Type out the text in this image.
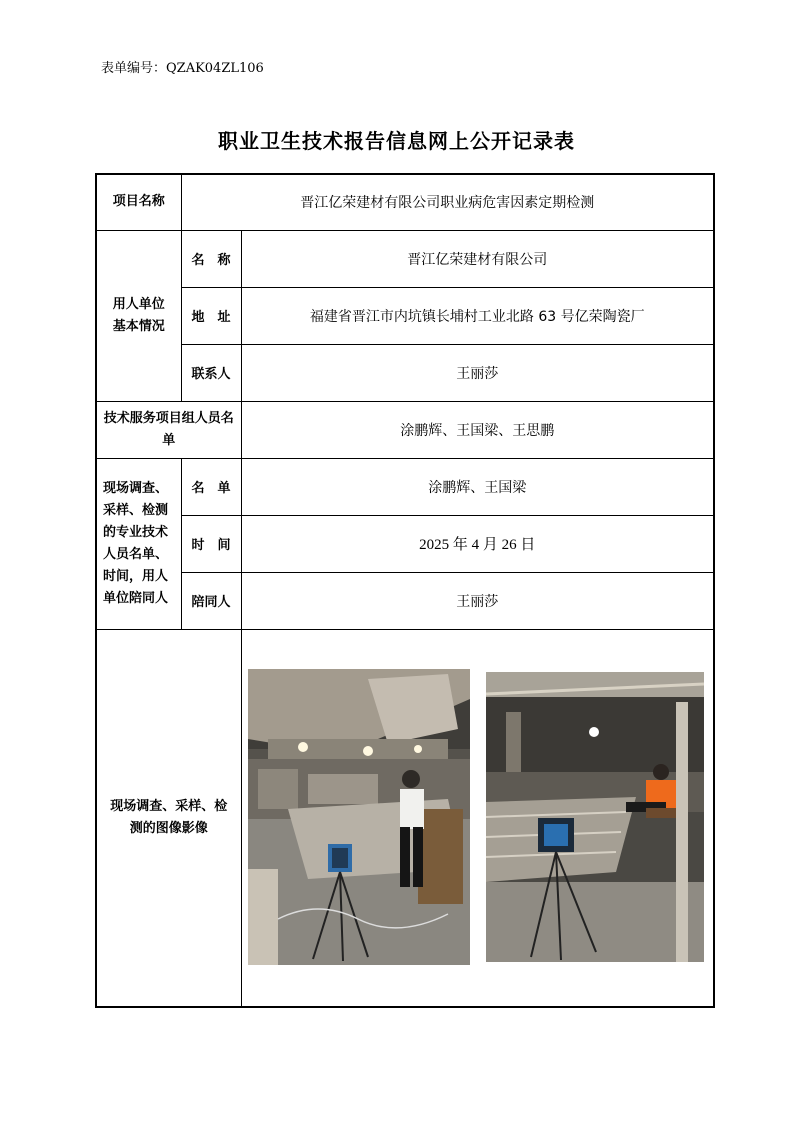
表单编号：QZAK04ZL106
职业卫生技术报告信息网上公开记录表
项目名称	晋江亿荣建材有限公司职业病危害因素定期检测	
用人单位基本情况	名　称	晋江亿荣建材有限公司
	地　址	福建省晋江市内坑镇长埔村工业北路 63 号亿荣陶瓷厂
	联系人	王丽莎
技术服务项目组人员名单		涂鹏辉、王国梁、王思鹏
现场调查、采样、检测的专业技术人员名单、时间，用人单位陪同人	名　单	涂鹏辉、王国梁
	时　间	2025 年 4 月 26 日
	陪同人	王丽莎
现场调查、采样、检测的图像影像	
